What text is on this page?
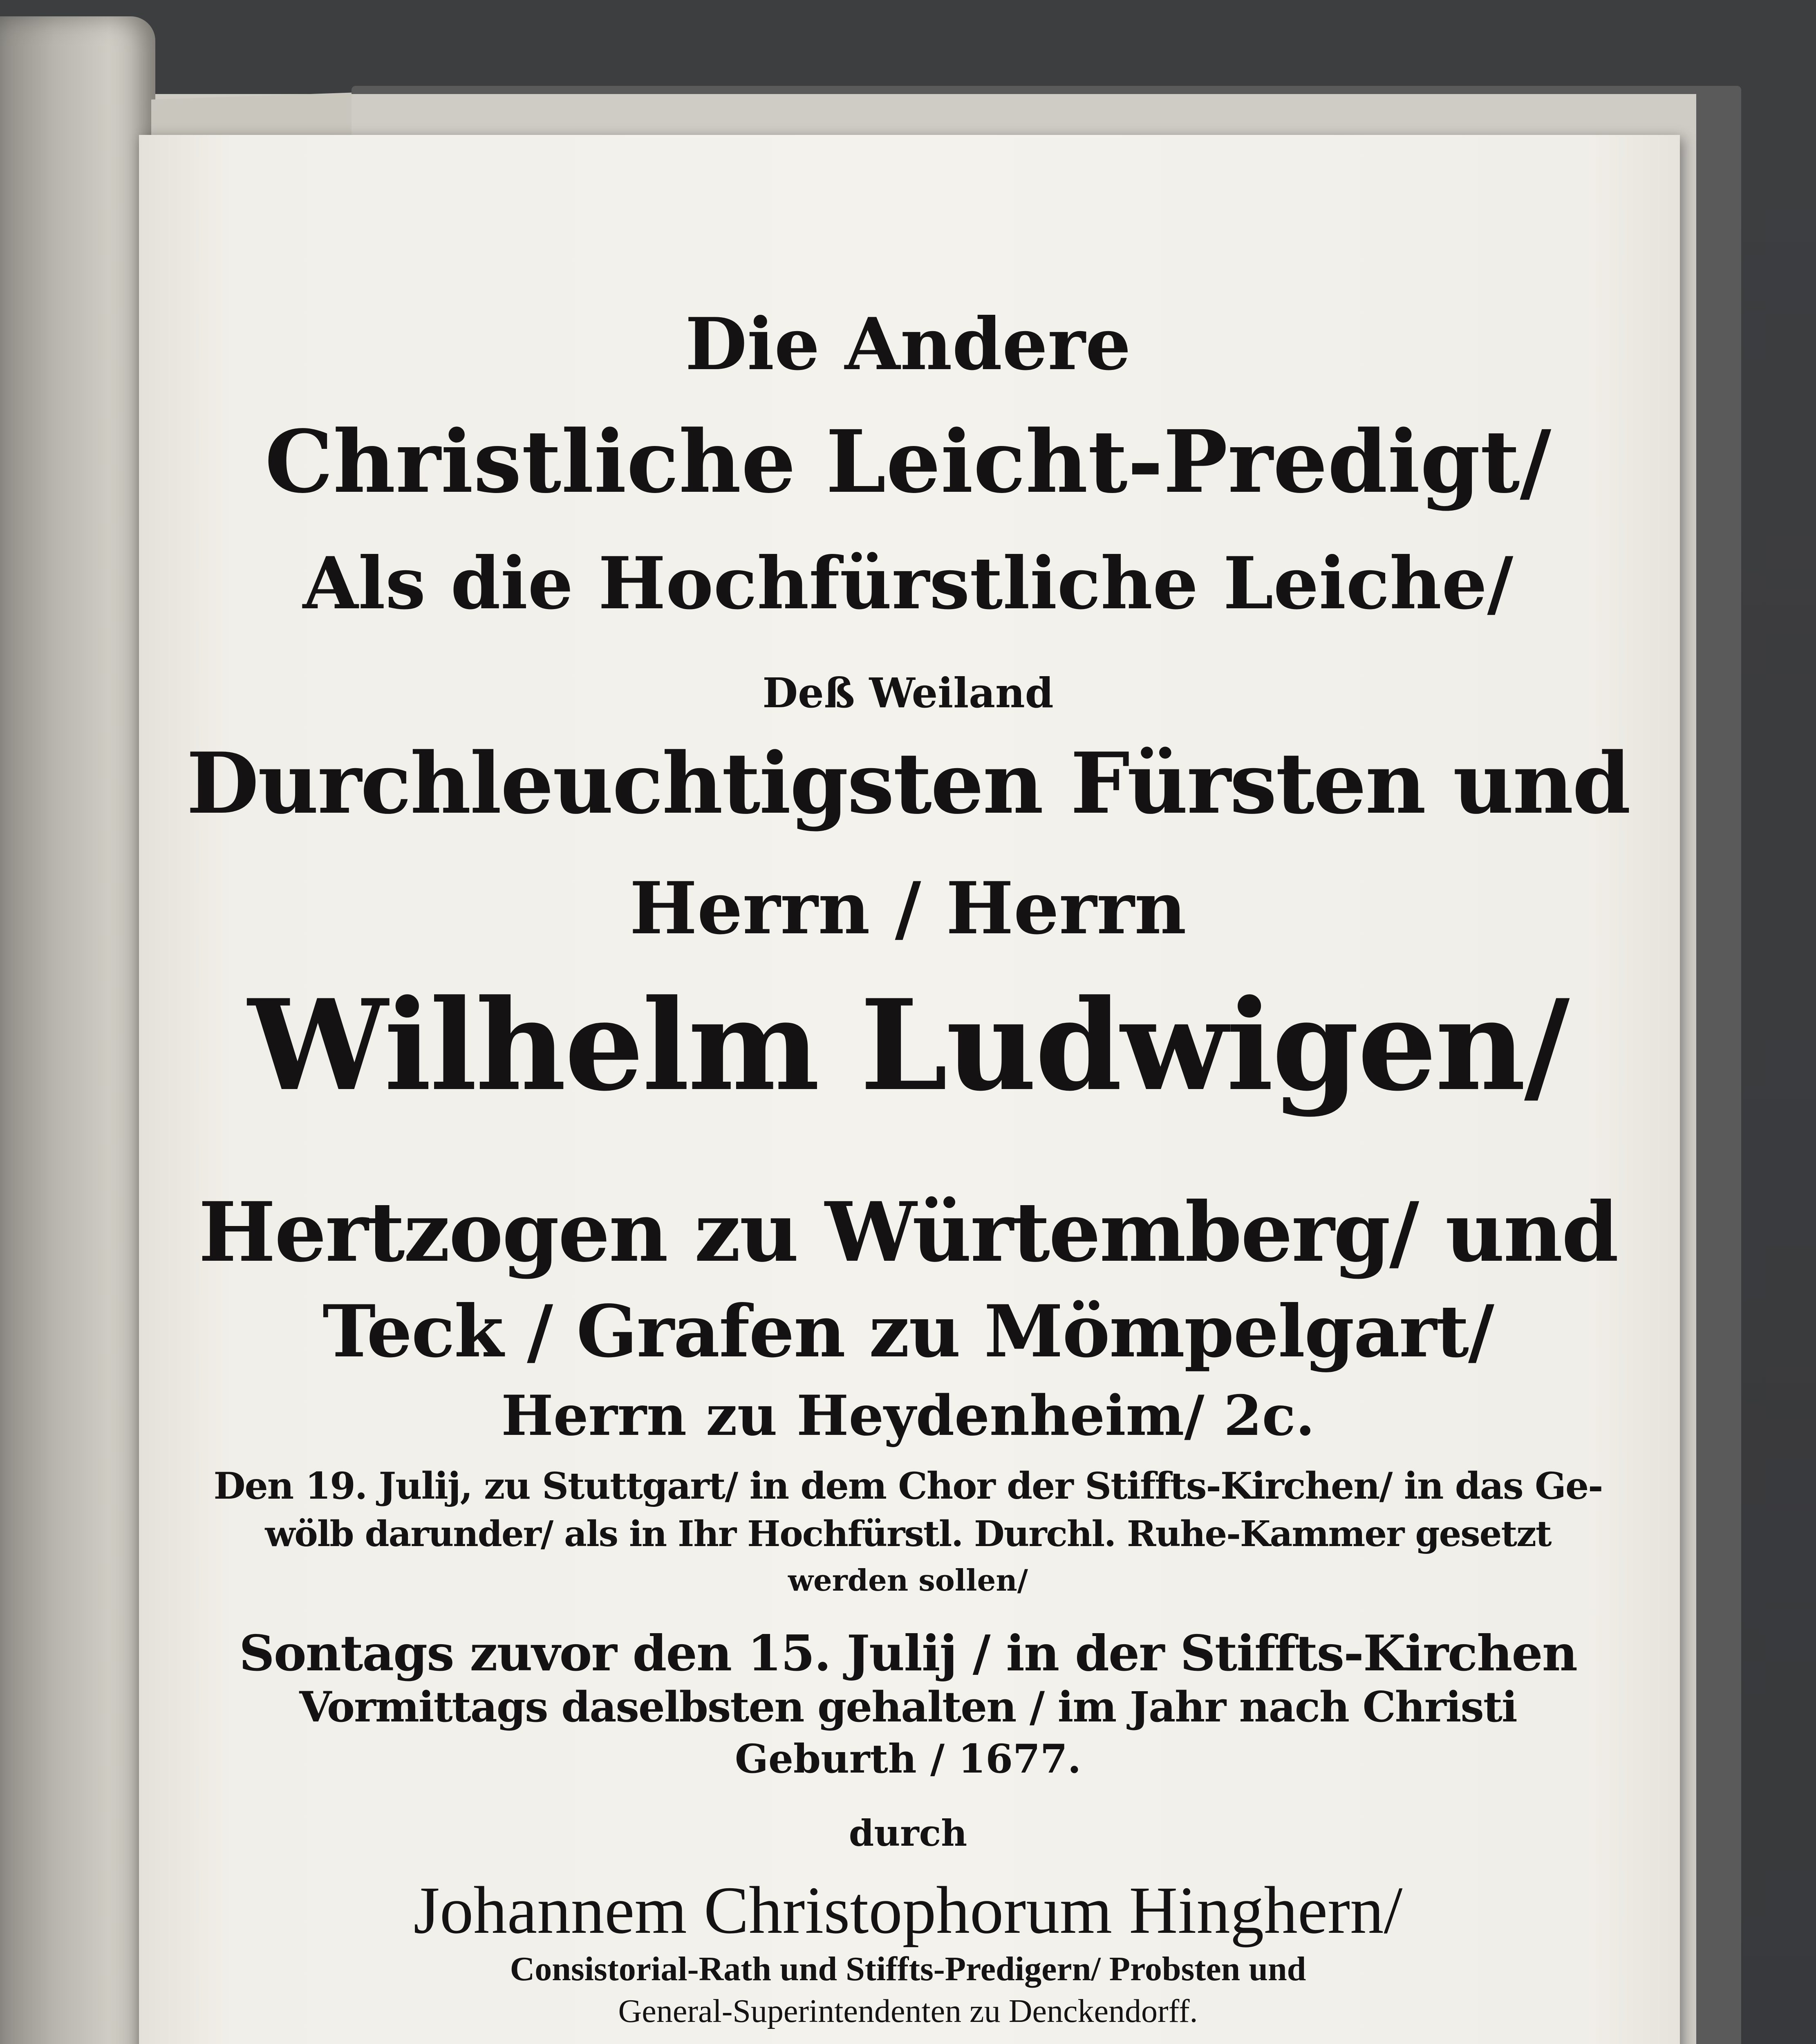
Die Andere
Christliche Leicht-Predigt/
Als die Hochfürstliche Leiche/
Deß Weiland
Durchleuchtigsten Fürsten und
Herrn / Herrn
Wilhelm Ludwigen/
Hertzogen zu Würtemberg/ und
Teck / Grafen zu Mömpelgart/
Herrn zu Heydenheim/ 2c.
Den 19. Julij, zu Stuttgart/ in dem Chor der Stiffts-Kirchen/ in das Ge-
wölb darunder/ als in Ihr Hochfürstl. Durchl. Ruhe-Kammer gesetzt
werden sollen/
Sontags zuvor den 15. Julij / in der Stiffts-Kirchen
Vormittags daselbsten gehalten / im Jahr nach Christi
Geburth / 1677.
durch
Johannem Christophorum Hinghern/
Consistorial-Rath und Stiffts-Predigern/ Probsten und
General-Superintendenten zu Denckendorff.
